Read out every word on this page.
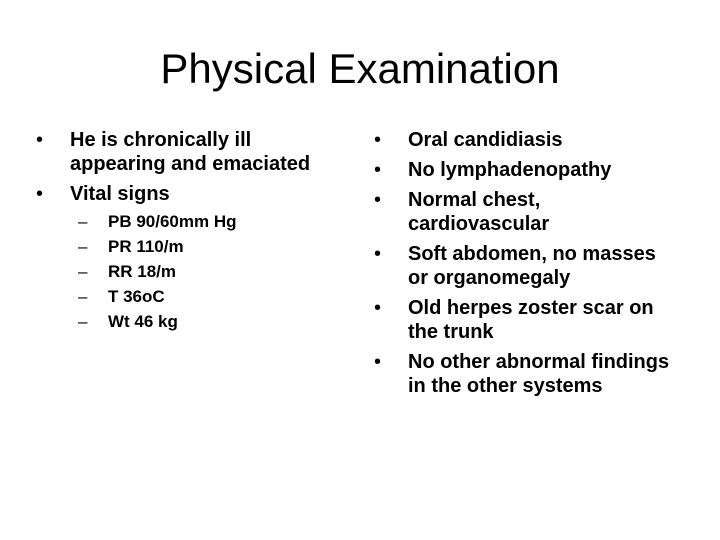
Physical Examination
•	He is chronically ill appearing and emaciated
•	Vital signs
– PB 90/60mm Hg
– PR 110/m
– RR 18/m
– T 36oC
– Wt 46 kg
•	Oral candidiasis
•	No lymphadenopathy
•	Normal chest, cardiovascular
•	Soft abdomen, no masses or organomegaly
•	Old herpes zoster scar on the trunk
•	No other abnormal findings in the other systems
